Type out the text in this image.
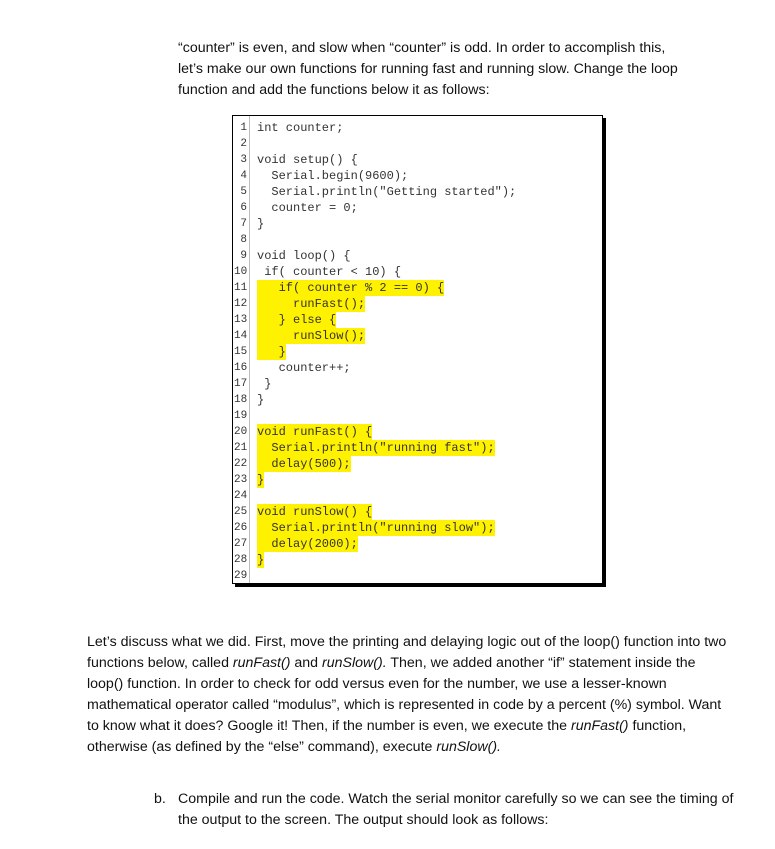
“counter” is even, and slow when “counter” is odd. In order to accomplish this,
let’s make our own functions for running fast and running slow. Change the loop
function and add the functions below it as follows:

1 int counter;
2
3 void setup() {
4 Serial.begin(9600);
5 Serial.println("Getting started");
6 counter = 0;
7 }
8
9 void loop() {
10 if( counter < 10) {
11 if( counter % 2 == 0) {
12 runFast();
13 } else {
14 runSlow();
15 }
16 counter++;
17 }
18 }
19
20 void runFast() {
21 Serial.println("running fast");
22 delay(500);
23 }
24
25 void runSlow() {
26 Serial.println("running slow");
27 delay(2000);
28 }
29

Let’s discuss what we did. First, move the printing and delaying logic out of the loop() function into two functions below, called runFast() and runSlow(). Then, we added another “if” statement inside the loop() function. In order to check for odd versus even for the number, we use a lesser-known mathematical operator called “modulus”, which is represented in code by a percent (%) symbol. Want to know what it does? Google it! Then, if the number is even, we execute the runFast() function, otherwise (as defined by the “else” command), execute runSlow().

b. Compile and run the code. Watch the serial monitor carefully so we can see the timing of the output to the screen. The output should look as follows:
